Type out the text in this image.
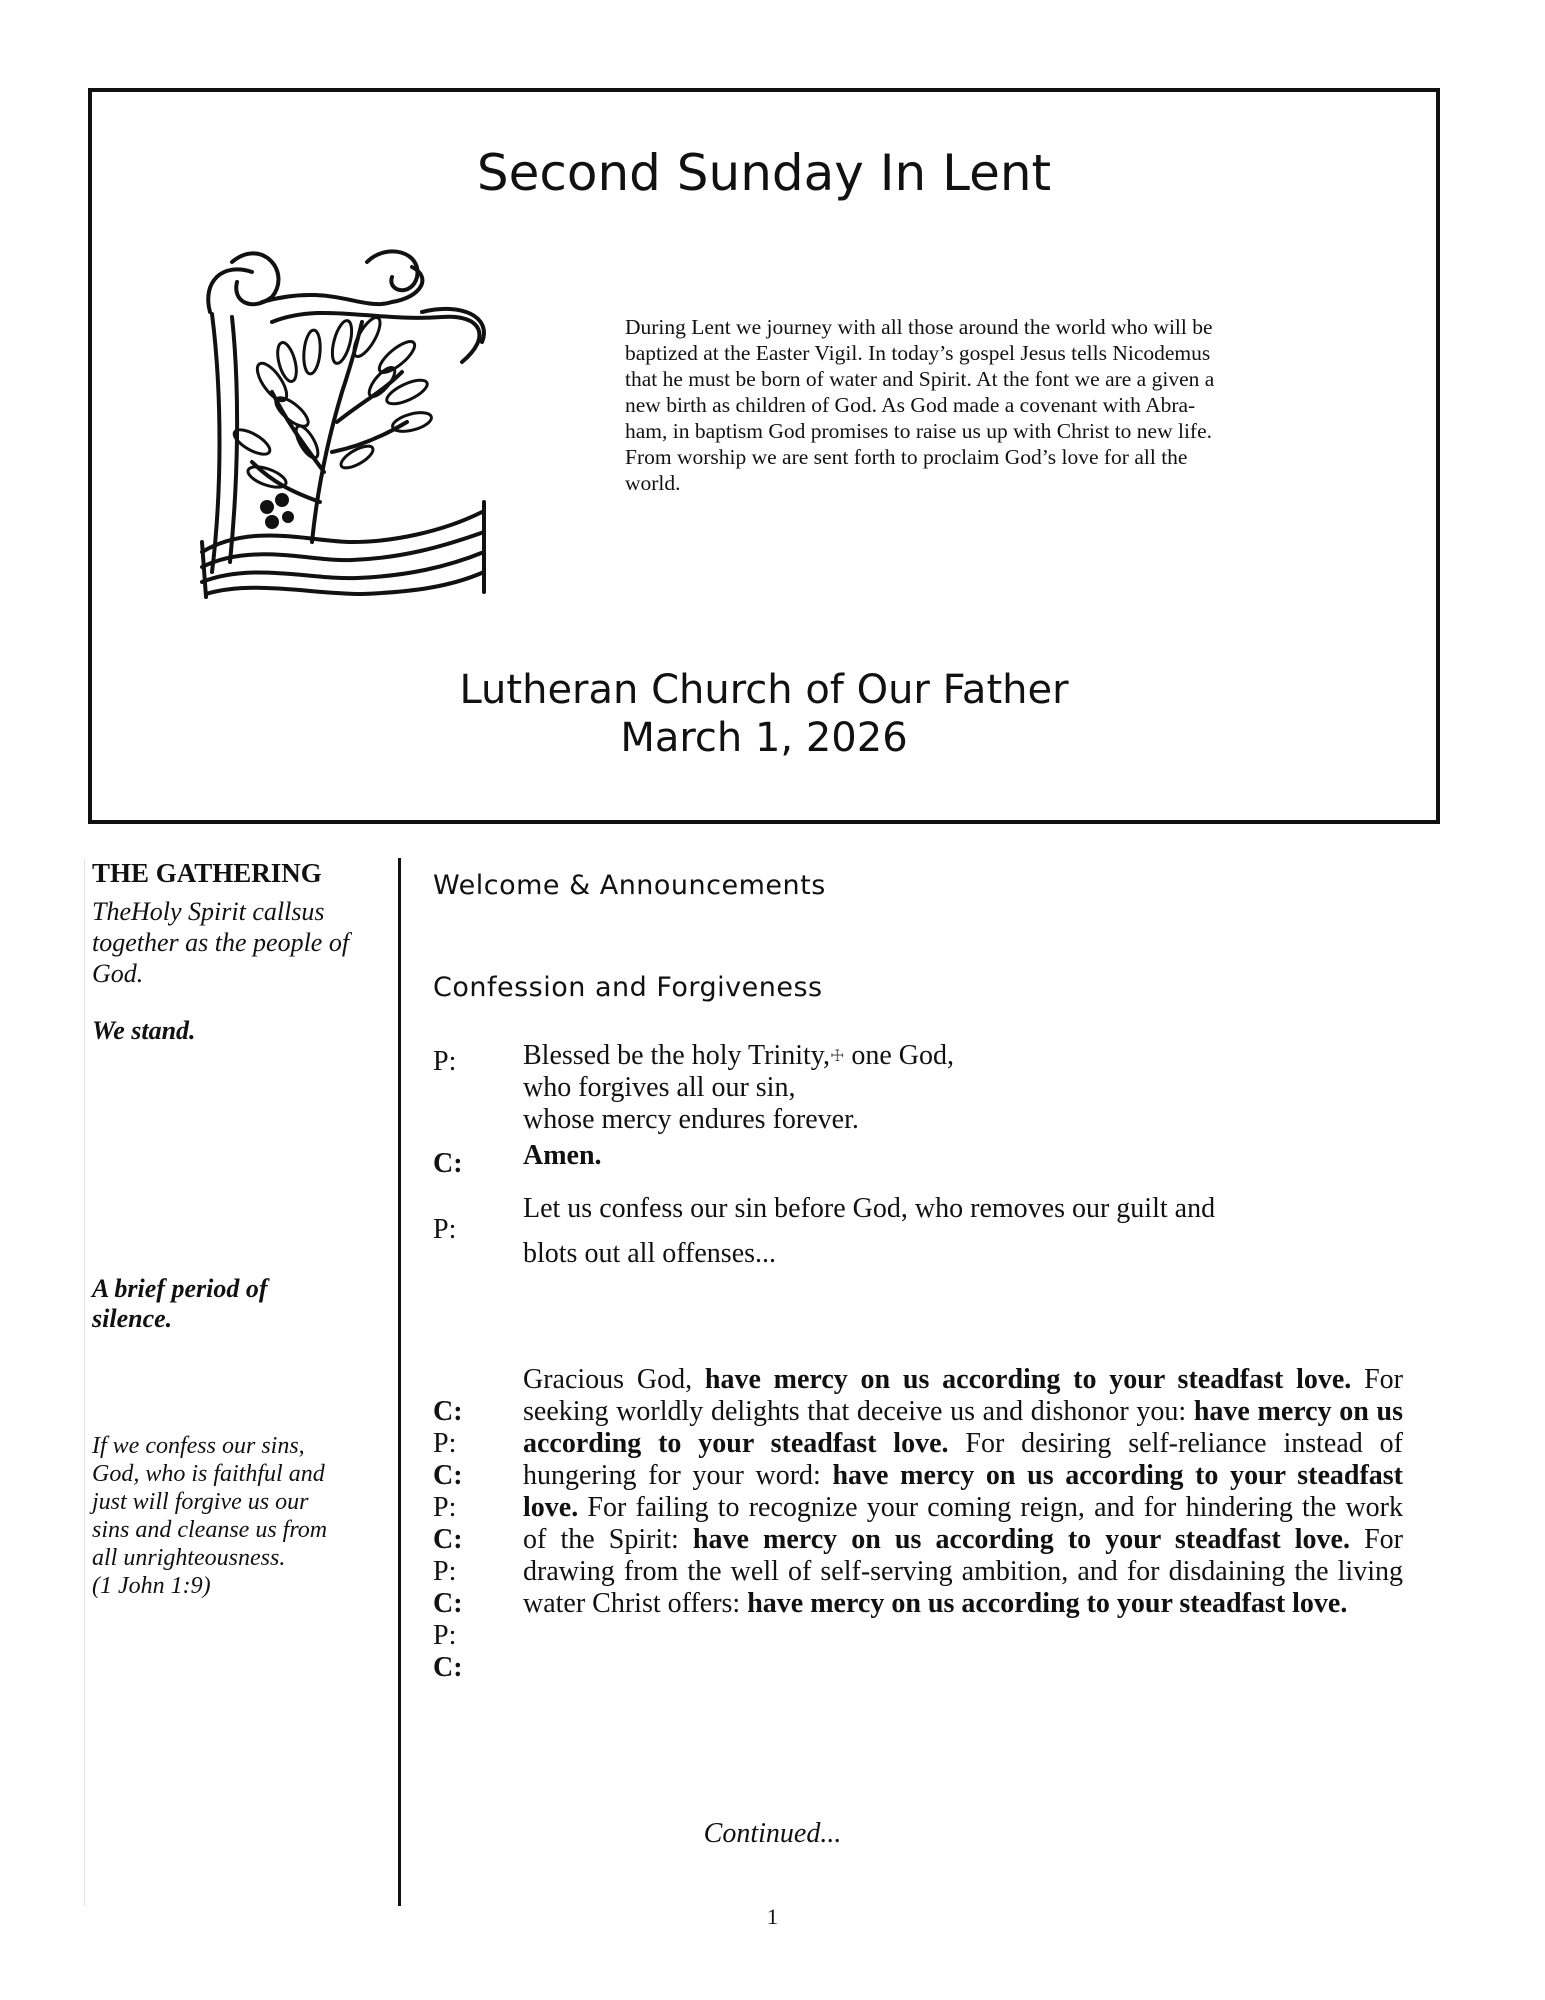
Second Sunday In Lent
During Lent we journey with all those around the world who will be
baptized at the Easter Vigil. In today’s gospel Jesus tells Nicodemus
that he must be born of water and Spirit. At the font we are a given a
new birth as children of God. As God made a covenant with Abra-
ham, in baptism God promises to raise us up with Christ to new life.
From worship we are sent forth to proclaim God’s love for all the
world.
Lutheran Church of Our Father
March 1, 2026
THE GATHERING
TheHoly Spirit callsus together as the people of God.
We stand.
A brief period of silence.
If we confess our sins,
God, who is faithful and
just will forgive us our
sins and cleanse us from
all unrighteousness.
(1 John 1:9)
Welcome & Announcements
Confession and Forgiveness
P: Blessed be the holy Trinity,☩ one God,
who forgives all our sin,
whose mercy endures forever.
C: Amen.
P:
Let us confess our sin before God, who removes our guilt and
blots out all offenses...
C:
P:
C:
P:
C:
P:
C:
P:
C:
Gracious God, have mercy on us according to your steadfast love. For seeking worldly delights that deceive us and dishonor you: have mercy on us according to your steadfast love. For desiring self-reliance instead of hungering for your word: have mercy on us according to your steadfast love. For failing to recognize your coming reign, and for hindering the work of the Spirit: have mercy on us according to your steadfast love. For drawing from the well of self-serving ambition, and for disdaining the living water Christ offers: have mercy on us according to your steadfast love.
Continued...
1
